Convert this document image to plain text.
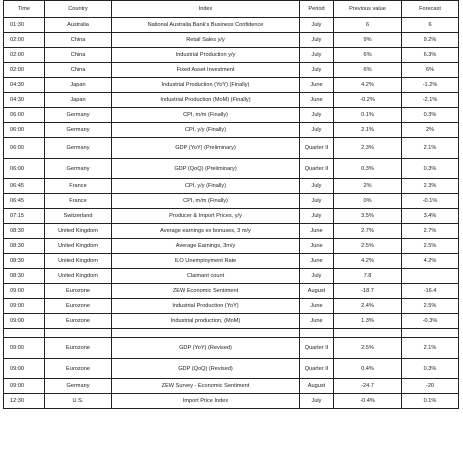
Time	Country	Index	Period	Previous value	Forecast
01:30	Australia	National Australia Bank's Business Confidence	July	6	6
02:00	China	Retail Sales y/y	July	9%	9.2%
02:00	China	Industrial Production y/y	July	6%	6.3%
02:00	China	Fixed Asset Investment	July	6%	6%
04:30	Japan	Industrial Production (YoY) (Finally)	June	4.2%	-1.2%
04:30	Japan	Industrial Production (MoM) (Finally)	June	-0.2%	-2.1%
06:00	Germany	CPI, m/m (Finally)	July	0.1%	0.3%
06:00	Germany	CPI, y/y (Finally)	July	2.1%	2%
06:00	Germany	GDP (YoY) (Preliminary)	Quarter II	2.3%	2.1%
06:00	Germany	GDP (QoQ) (Preliminary)	Quarter II	0.3%	0.3%
06:45	France	CPI, y/y (Finally)	July	2%	2.3%
06:45	France	CPI, m/m (Finally)	July	0%	-0.1%
07:15	Switzerland	Producer & Import Prices, y/y	July	3.5%	3.4%
08:30	United Kingdom	Average earnings ex bonuses, 3 m/y	June	2.7%	2.7%
08:30	United Kingdom	Average Earnings, 3m/y	June	2.5%	2.5%
08:30	United Kingdom	ILO Unemployment Rate	June	4.2%	4.2%
08:30	United Kingdom	Claimant count	July	7.8	
09:00	Eurozone	ZEW Economic Sentiment	August	-18.7	-16.4
09:00	Eurozone	Industrial Production (YoY)	June	2.4%	2.5%
09:00	Eurozone	Industrial production, (MoM)	June	1.3%	-0.3%

09:00	Eurozone	GDP (YoY) (Revised)	Quarter II	2.5%	2.1%
09:00	Eurozone	GDP (QoQ) (Revised)	Quarter II	0.4%	0.3%
09:00	Germany	ZEW Survey - Economic Sentiment	August	-24.7	-20
12:30	U.S.	Import Price Index	July	-0.4%	0.1%
